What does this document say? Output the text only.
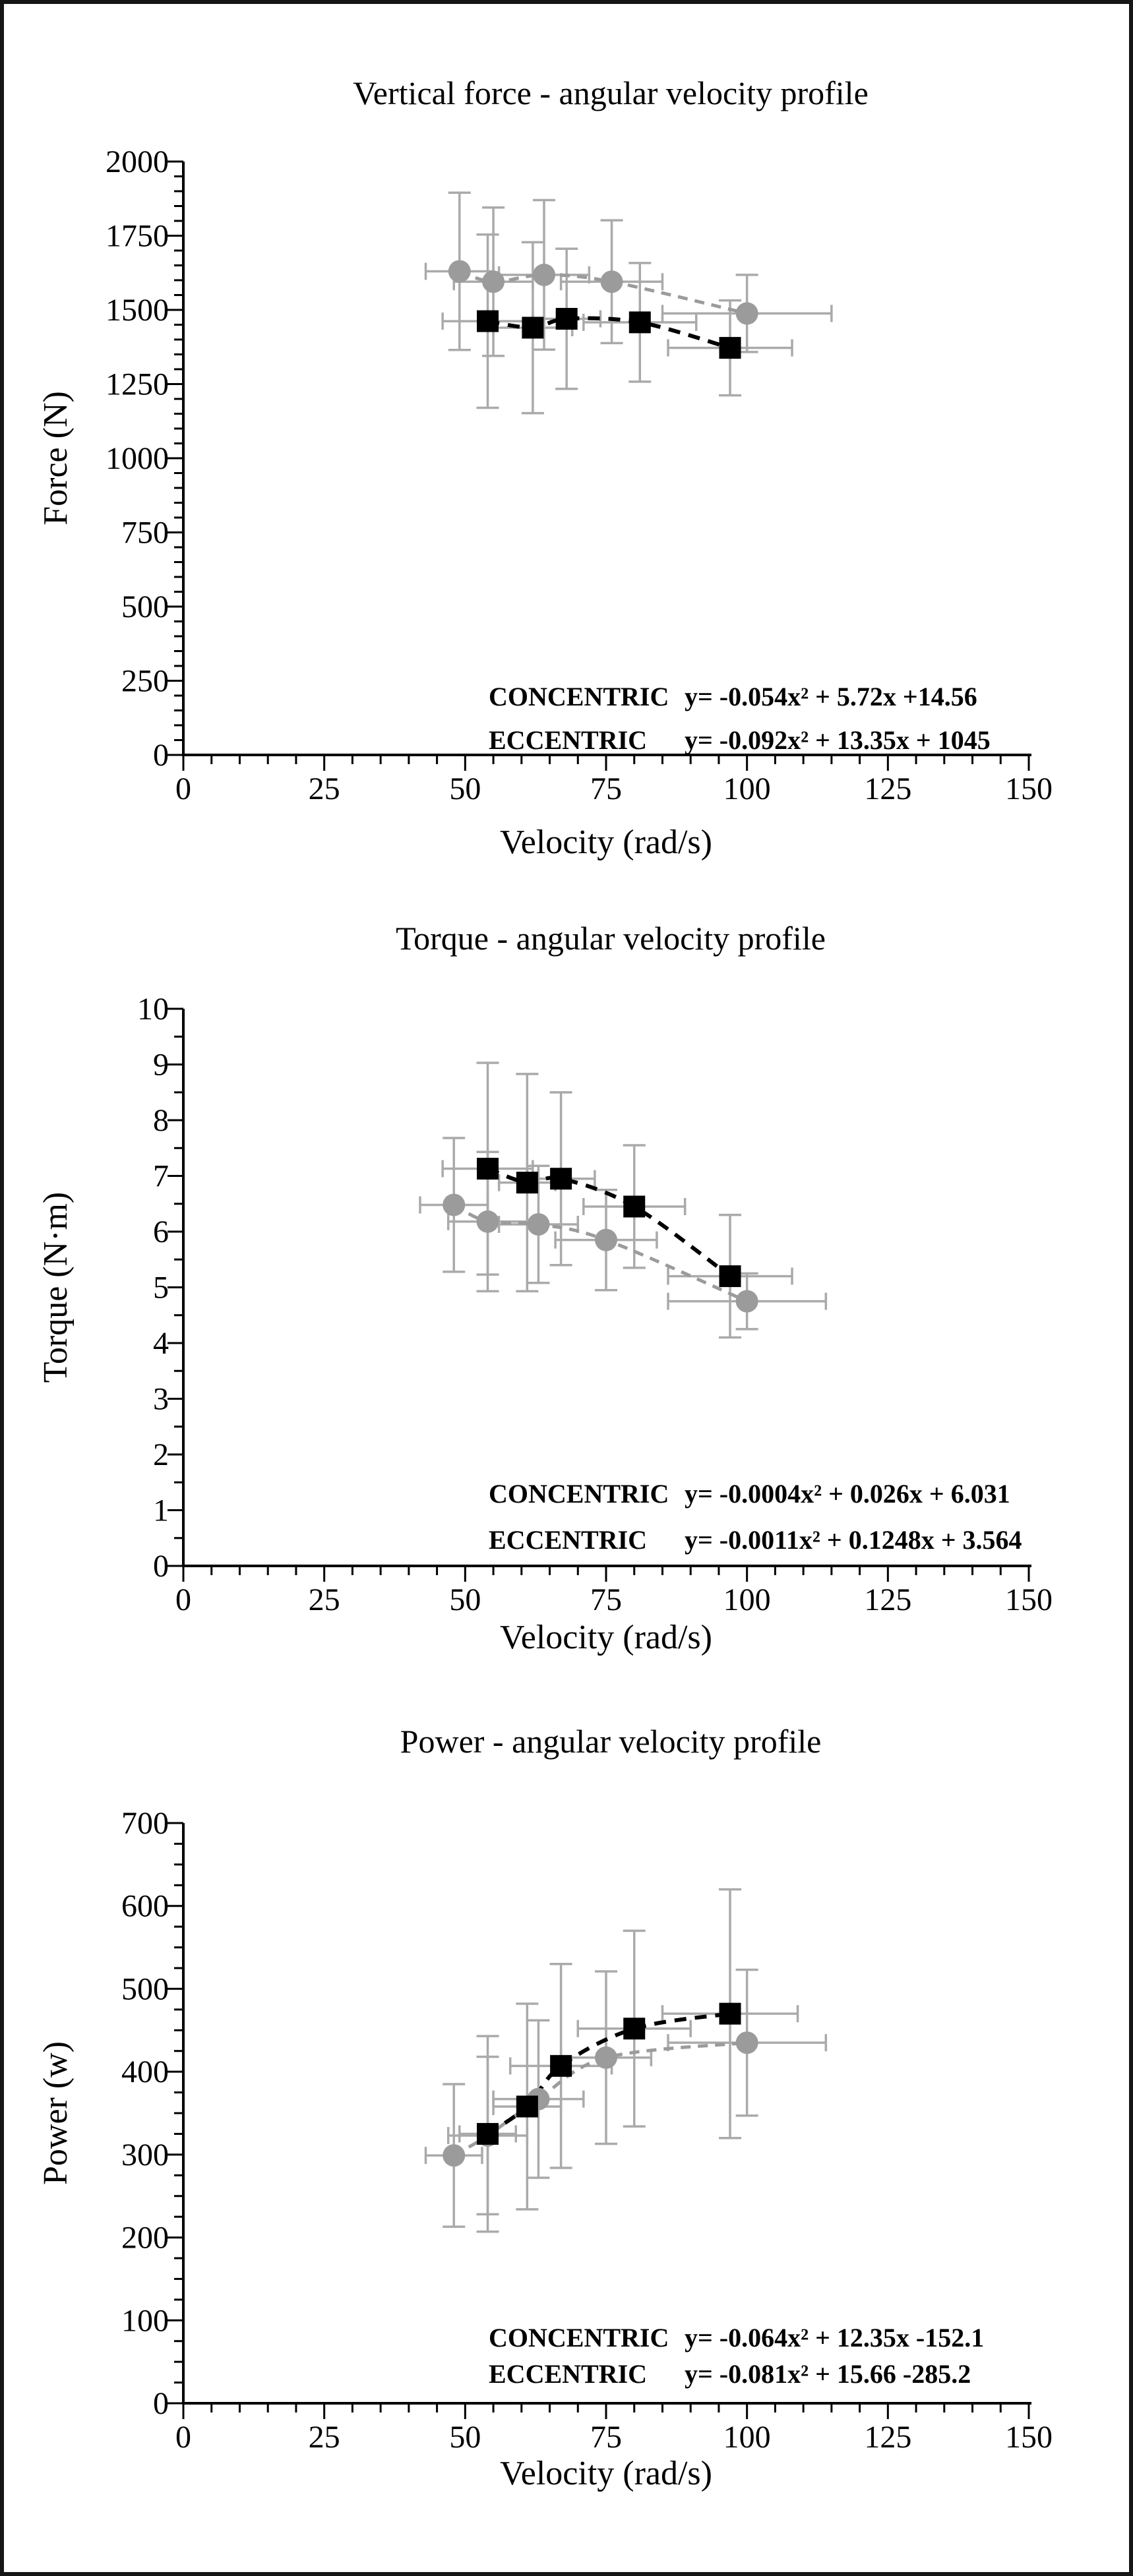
Vertical force - angular velocity profile
Velocity (rad/s)
Force (N)
0	25	50	75	100	125	150
0
250
500
750
1000
1250
1500
1750
2000
CONCENTRIC y= -0.054x² + 5.72x +14.56
ECCENTRIC y= -0.092x² + 13.35x + 1045
Torque - angular velocity profile
Velocity (rad/s)
Torque (N·m)
0	25	50	75	100	125	150
0
1
2
3
4
5
6
7
8
9
10
CONCENTRIC y= -0.0004x² + 0.026x + 6.031
ECCENTRIC y= -0.0011x² + 0.1248x + 3.564
Power - angular velocity profile
Velocity (rad/s)
Power (w)
0	25	50	75	100	125	150
0
100
200
300
400
500
600
700
CONCENTRIC y= -0.064x² + 12.35x -152.1
ECCENTRIC y= -0.081x² + 15.66 -285.2
